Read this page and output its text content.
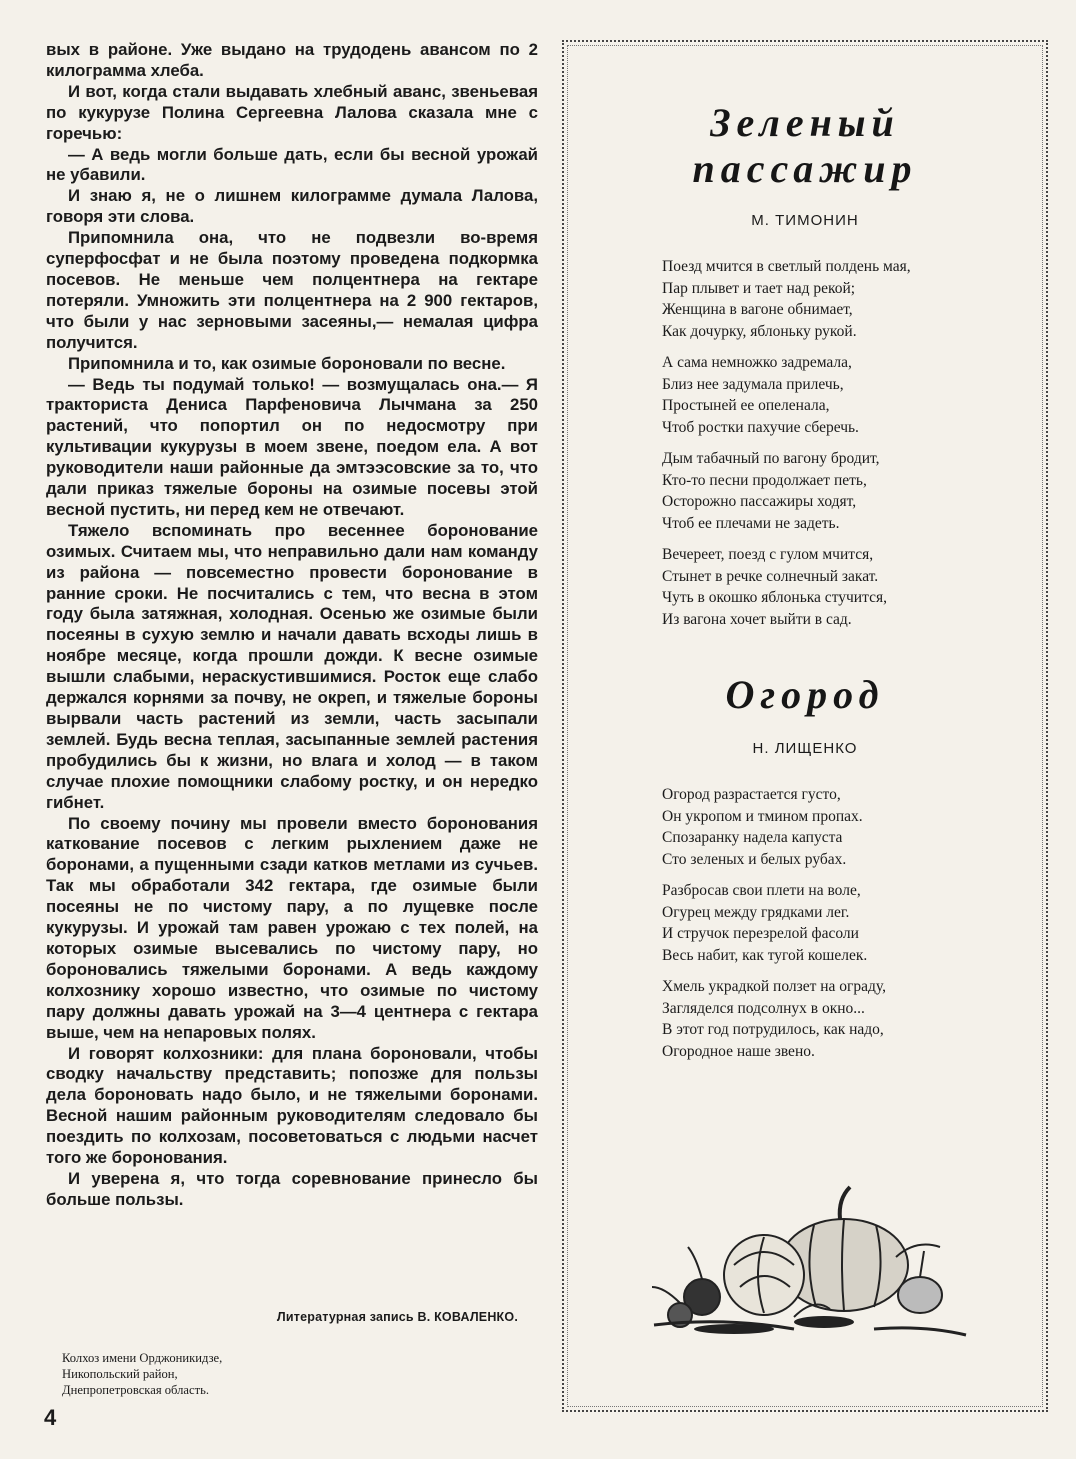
вых в районе. Уже выдано на трудодень авансом по 2 килограмма хлеба.

И вот, когда стали выдавать хлебный аванс, звеньевая по кукурузе Полина Сергеевна Лалова сказала мне с горечью:

— А ведь могли больше дать, если бы весной урожай не убавили.

И знаю я, не о лишнем килограмме думала Лалова, говоря эти слова.

Припомнила она, что не подвезли во-время суперфосфат и не была поэтому проведена подкормка посевов. Не меньше чем полцентнера на гектаре потеряли. Умножить эти полцентнера на 2 900 гектаров, что были у нас зерновыми засеяны,— немалая цифра получится.

Припомнила и то, как озимые бороновали по весне.

— Ведь ты подумай только! — возмущалась она.— Я тракториста Дениса Парфеновича Лычмана за 250 растений, что попортил он по недосмотру при культивации кукурузы в моем звене, поедом ела. А вот руководители наши районные да эмтээсовские за то, что дали приказ тяжелые бороны на озимые посевы этой весной пустить, ни перед кем не отвечают.

Тяжело вспоминать про весеннее боронование озимых. Считаем мы, что неправильно дали нам команду из района — повсеместно провести боронование в ранние сроки. Не посчитались с тем, что весна в этом году была затяжная, холодная. Осенью же озимые были посеяны в сухую землю и начали давать всходы лишь в ноябре месяце, когда прошли дожди. К весне озимые вышли слабыми, нераскустившимися. Росток еще слабо держался корнями за почву, не окреп, и тяжелые бороны вырвали часть растений из земли, часть засыпали землей. Будь весна теплая, засыпанные землей растения пробудились бы к жизни, но влага и холод — в таком случае плохие помощники слабому ростку, и он нередко гибнет.

По своему почину мы провели вместо боронования каткование посевов с легким рыхлением даже не боронами, а пущенными сзади катков метлами из сучьев. Так мы обработали 342 гектара, где озимые были посеяны не по чистому пару, а по лущевке после кукурузы. И урожай там равен урожаю с тех полей, на которых озимые высевались по чистому пару, но бороновались тяжелыми боронами. А ведь каждому колхознику хорошо известно, что озимые по чистому пару должны давать урожай на 3—4 центнера с гектара выше, чем на непаровых полях.

И говорят колхозники: для плана бороновали, чтобы сводку начальству представить; попозже для пользы дела бороновать надо было, и не тяжелыми боронами. Весной нашим районным руководителям следовало бы поездить по колхозам, посоветоваться с людьми насчет того же боронования.

И уверена я, что тогда соревнование принесло бы больше пользы.

Литературная запись В. КОВАЛЕНКО.
Колхоз имени Орджоникидзе,
Никопольский район,
Днепропетровская область.
4
Зеленый
пассажир
М. ТИМОНИН
Поезд мчится в светлый полдень мая,
Пар плывет и тает над рекой;
Женщина в вагоне обнимает,
Как дочурку, яблоньку рукой.
А сама немножко задремала,
Близ нее задумала прилечь,
Простыней ее опеленала,
Чтоб ростки пахучие сберечь.
Дым табачный по вагону бродит,
Кто-то песни продолжает петь,
Осторожно пассажиры ходят,
Чтоб ее плечами не задеть.
Вечереет, поезд с гулом мчится,
Стынет в речке солнечный закат.
Чуть в окошко яблонька стучится,
Из вагона хочет выйти в сад.
Огород
Н. ЛИЩЕНКО
Огород разрастается густо,
Он укропом и тмином пропах.
Спозаранку надела капуста
Сто зеленых и белых рубах.
Разбросав свои плети на воле,
Огурец между грядками лег.
И стручок перезрелой фасоли
Весь набит, как тугой кошелек.
Хмель украдкой ползет на ограду,
Загляделся подсолнух в окно...
В этот год потрудилось, как надо,
Огородное наше звено.
